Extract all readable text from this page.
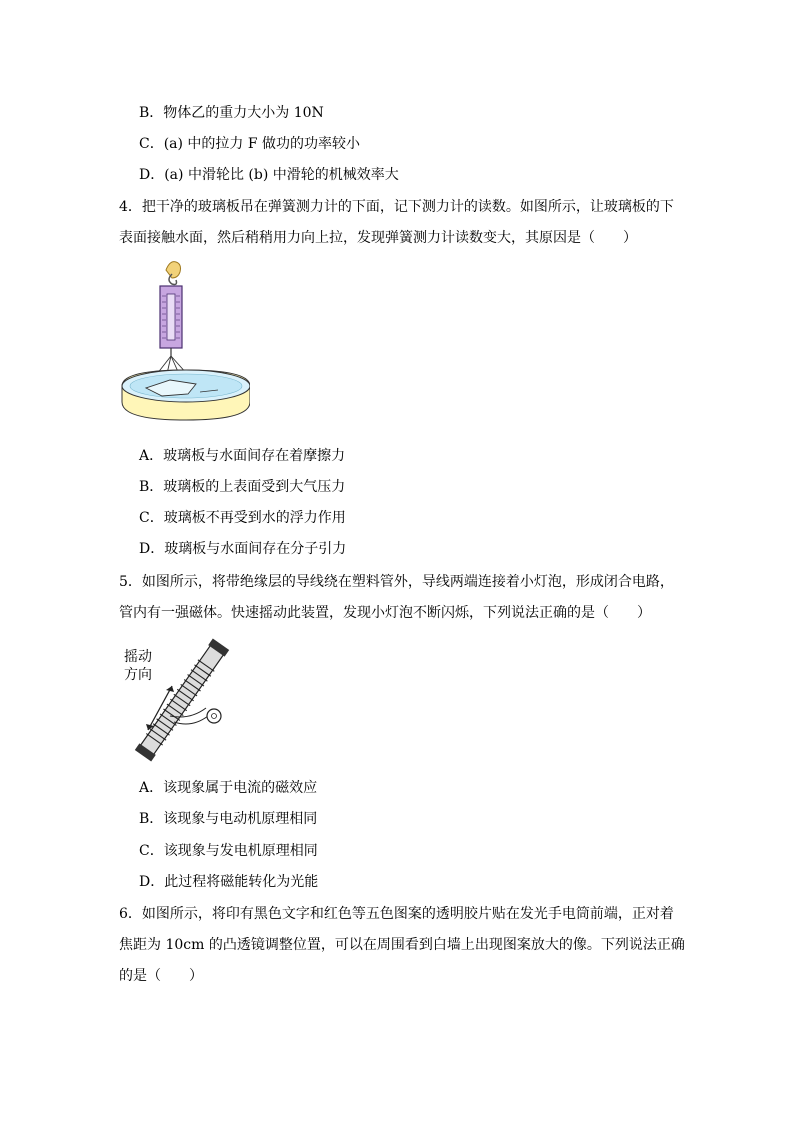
B．物体乙的重力大小为 10N
C．(a) 中的拉力 F 做功的功率较小
D．(a) 中滑轮比 (b) 中滑轮的机械效率大
4．把干净的玻璃板吊在弹簧测力计的下面，记下测力计的读数。如图所示，让玻璃板的下
表面接触水面，然后稍稍用力向上拉，发现弹簧测力计读数变大，其原因是（　　）
A．玻璃板与水面间存在着摩擦力
B．玻璃板的上表面受到大气压力
C．玻璃板不再受到水的浮力作用
D．玻璃板与水面间存在分子引力
5．如图所示，将带绝缘层的导线绕在塑料管外，导线两端连接着小灯泡，形成闭合电路，
管内有一强磁体。快速摇动此装置，发现小灯泡不断闪烁，下列说法正确的是（　　）
摇动
方向
A．该现象属于电流的磁效应
B．该现象与电动机原理相同
C．该现象与发电机原理相同
D．此过程将磁能转化为光能
6．如图所示，将印有黑色文字和红色等五色图案的透明胶片贴在发光手电筒前端，正对着
焦距为 10cm 的凸透镜调整位置，可以在周围看到白墙上出现图案放大的像。下列说法正确
的是（　　）
